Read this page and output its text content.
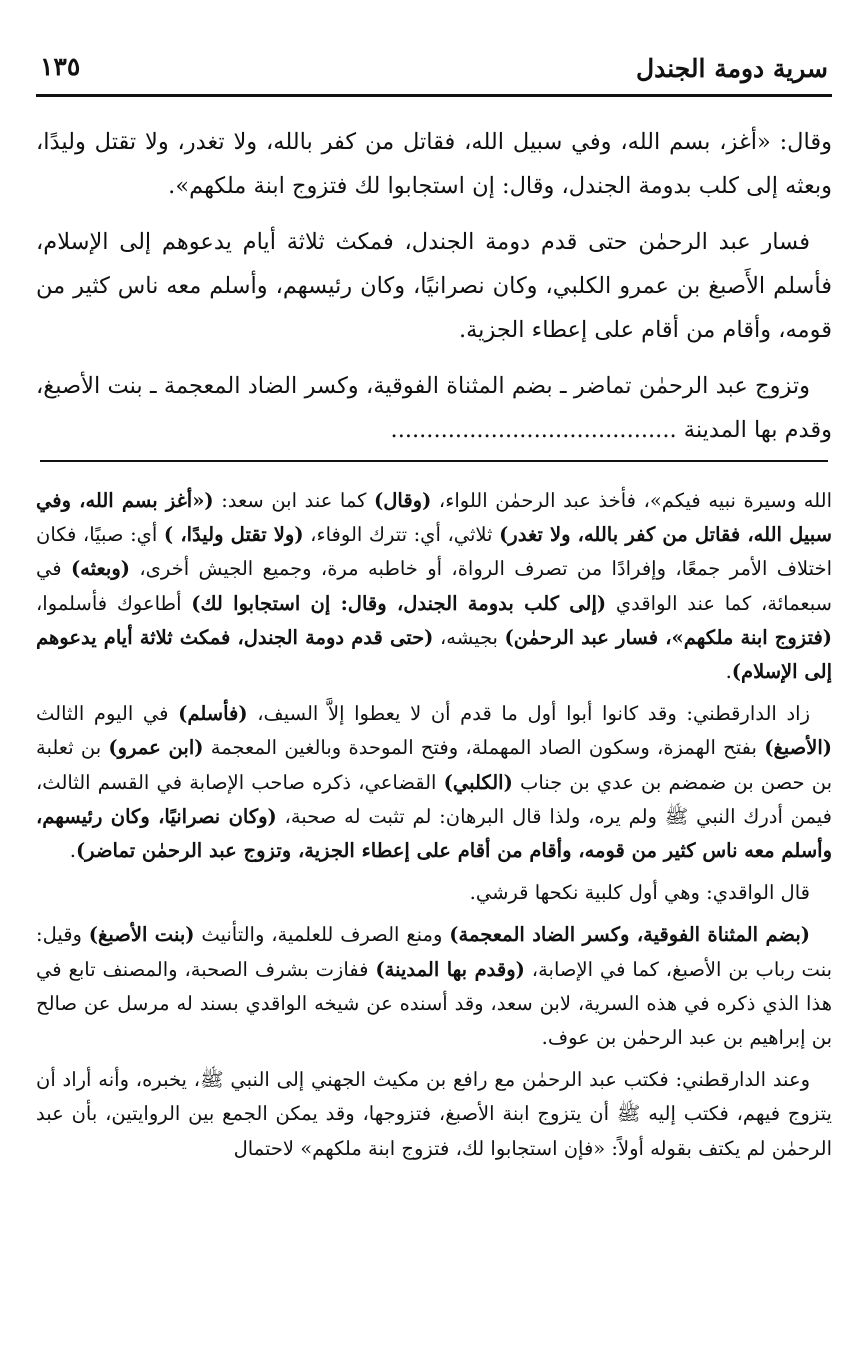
سرية دومة الجندل
١٣٥

وقال: «أغز، بسم الله، وفي سبيل الله، فقاتل من كفر بالله، ولا تغدر، ولا تقتل وليدًا، وبعثه إلى كلب بدومة الجندل، وقال: إن استجابوا لك فتزوج ابنة ملكهم».

فسار عبد الرحمٰن حتى قدم دومة الجندل، فمكث ثلاثة أيام يدعوهم إلى الإسلام، فأسلم الأَصبغ بن عمرو الكلبي، وكان نصرانيًا، وكان رئيسهم، وأسلم معه ناس كثير من قومه، وأقام من أقام على إعطاء الجزية.

وتزوج عبد الرحمٰن تماضر ـ بضم المثناة الفوقية، وكسر الضاد المعجمة ـ بنت الأصبغ، وقدم بها المدينة ........................................

الله وسيرة نبيه فيكم»، فأخذ عبد الرحمٰن اللواء، (وقال) كما عند ابن سعد: («أغز بسم الله، وفي سبيل الله، فقاتل من كفر بالله، ولا تغدر) ثلاثي، أي: تترك الوفاء، (ولا تقتل وليدًا، ) أي: صبيًا، فكان اختلاف الأمر جمعًا، وإفرادًا من تصرف الرواة، أو خاطبه مرة، وجميع الجيش أخرى، (وبعثه) في سبعمائة، كما عند الواقدي (إلى كلب بدومة الجندل، وقال: إن استجابوا لك) أطاعوك فأسلموا، (فتزوج ابنة ملكهم»، فسار عبد الرحمٰن) بجيشه، (حتى قدم دومة الجندل، فمكث ثلاثة أيام يدعوهم إلى الإسلام).

زاد الدارقطني: وقد كانوا أبوا أول ما قدم أن لا يعطوا إلاَّ السيف، (فأسلم) في اليوم الثالث (الأصبغ) بفتح الهمزة، وسكون الصاد المهملة، وفتح الموحدة وبالغين المعجمة (ابن عمرو) بن ثعلبة بن حصن بن ضمضم بن عدي بن جناب (الكلبي) القضاعي، ذكره صاحب الإصابة في القسم الثالث، فيمن أدرك النبي ﷺ ولم يره، ولذا قال البرهان: لم تثبت له صحبة، (وكان نصرانيًا، وكان رئيسهم، وأسلم معه ناس كثير من قومه، وأقام من أقام على إعطاء الجزية، وتزوج عبد الرحمٰن تماضر).

قال الواقدي: وهي أول كلبية نكحها قرشي.

(بضم المثناة الفوقية، وكسر الضاد المعجمة) ومنع الصرف للعلمية، والتأنيث (بنت الأصبغ) وقيل: بنت رباب بن الأصبغ، كما في الإصابة، (وقدم بها المدينة) ففازت بشرف الصحبة، والمصنف تابع في هذا الذي ذكره في هذه السرية، لابن سعد، وقد أسنده عن شيخه الواقدي بسند له مرسل عن صالح بن إبراهيم بن عبد الرحمٰن بن عوف.

وعند الدارقطني: فكتب عبد الرحمٰن مع رافع بن مكيث الجهني إلى النبي ﷺ، يخبره، وأنه أراد أن يتزوج فيهم، فكتب إليه ﷺ أن يتزوج ابنة الأصبغ، فتزوجها، وقد يمكن الجمع بين الروايتين، بأن عبد الرحمٰن لم يكتف بقوله أولاً: «فإن استجابوا لك، فتزوج ابنة ملكهم» لاحتمال
